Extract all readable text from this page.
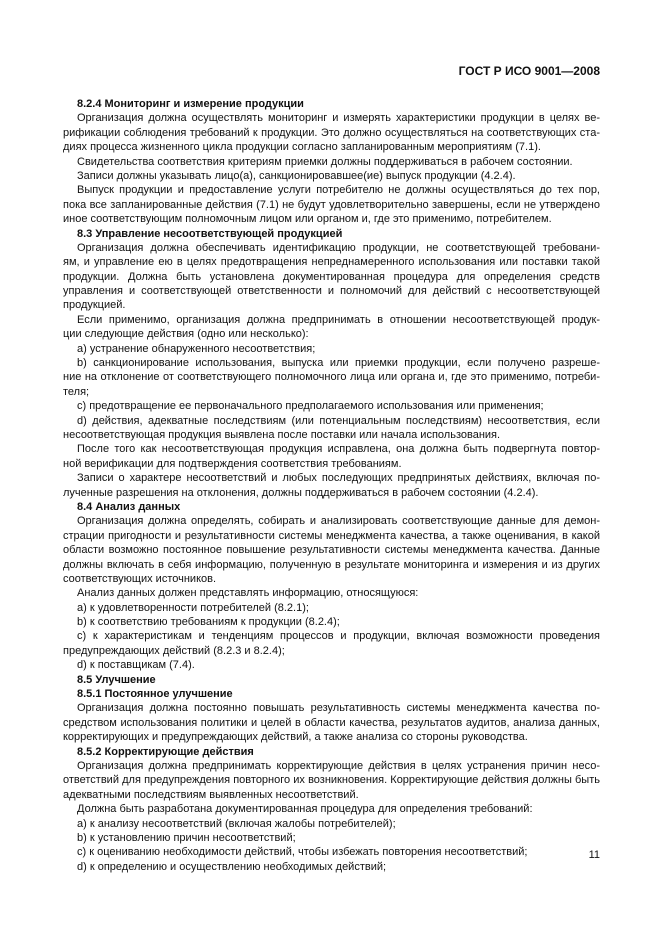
ГОСТ Р ИСО 9001—2008
8.2.4 Мониторинг и измерение продукции
Организация должна осуществлять мониторинг и измерять характеристики продукции в целях ве-
рификации соблюдения требований к продукции. Это должно осуществляться на соответствующих ста-
диях процесса жизненного цикла продукции согласно запланированным мероприятиям (7.1).
Свидетельства соответствия критериям приемки должны поддерживаться в рабочем состоянии.
Записи должны указывать лицо(а), санкционировавшее(ие) выпуск продукции (4.2.4).
Выпуск продукции и предоставление услуги потребителю не должны осуществляться до тех пор,
пока все запланированные действия (7.1) не будут удовлетворительно завершены, если не утверждено
иное соответствующим полномочным лицом или органом и, где это применимо, потребителем.
8.3 Управление несоответствующей продукцией
Организация должна обеспечивать идентификацию продукции, не соответствующей требовани-
ям, и управление ею в целях предотвращения непреднамеренного использования или поставки такой
продукции. Должна быть установлена документированная процедура для определения средств
управления и соответствующей ответственности и полномочий для действий с несоответствующей
продукцией.
Если применимо, организация должна предпринимать в отношении несоответствующей продук-
ции следующие действия (одно или несколько):
a) устранение обнаруженного несоответствия;
b) санкционирование использования, выпуска или приемки продукции, если получено разреше-
ние на отклонение от соответствующего полномочного лица или органа и, где это применимо, потреби-
теля;
c) предотвращение ее первоначального предполагаемого использования или применения;
d) действия, адекватные последствиям (или потенциальным последствиям) несоответствия, если
несоответствующая продукция выявлена после поставки или начала использования.
После того как несоответствующая продукция исправлена, она должна быть подвергнута повтор-
ной верификации для подтверждения соответствия требованиям.
Записи о характере несоответствий и любых последующих предпринятых действиях, включая по-
лученные разрешения на отклонения, должны поддерживаться в рабочем состоянии (4.2.4).
8.4 Анализ данных
Организация должна определять, собирать и анализировать соответствующие данные для демон-
страции пригодности и результативности системы менеджмента качества, а также оценивания, в какой
области возможно постоянное повышение результативности системы менеджмента качества. Данные
должны включать в себя информацию, полученную в результате мониторинга и измерения и из других
соответствующих источников.
Анализ данных должен представлять информацию, относящуюся:
a) к удовлетворенности потребителей (8.2.1);
b) к соответствию требованиям к продукции (8.2.4);
c) к характеристикам и тенденциям процессов и продукции, включая возможности проведения
предупреждающих действий (8.2.3 и 8.2.4);
d) к поставщикам (7.4).
8.5 Улучшение
8.5.1 Постоянное улучшение
Организация должна постоянно повышать результативность системы менеджмента качества по-
средством использования политики и целей в области качества, результатов аудитов, анализа данных,
корректирующих и предупреждающих действий, а также анализа со стороны руководства.
8.5.2 Корректирующие действия
Организация должна предпринимать корректирующие действия в целях устранения причин несо-
ответствий для предупреждения повторного их возникновения. Корректирующие действия должны быть
адекватными последствиям выявленных несоответствий.
Должна быть разработана документированная процедура для определения требований:
a) к анализу несоответствий (включая жалобы потребителей);
b) к установлению причин несоответствий;
c) к оцениванию необходимости действий, чтобы избежать повторения несоответствий;
d) к определению и осуществлению необходимых действий;
11
